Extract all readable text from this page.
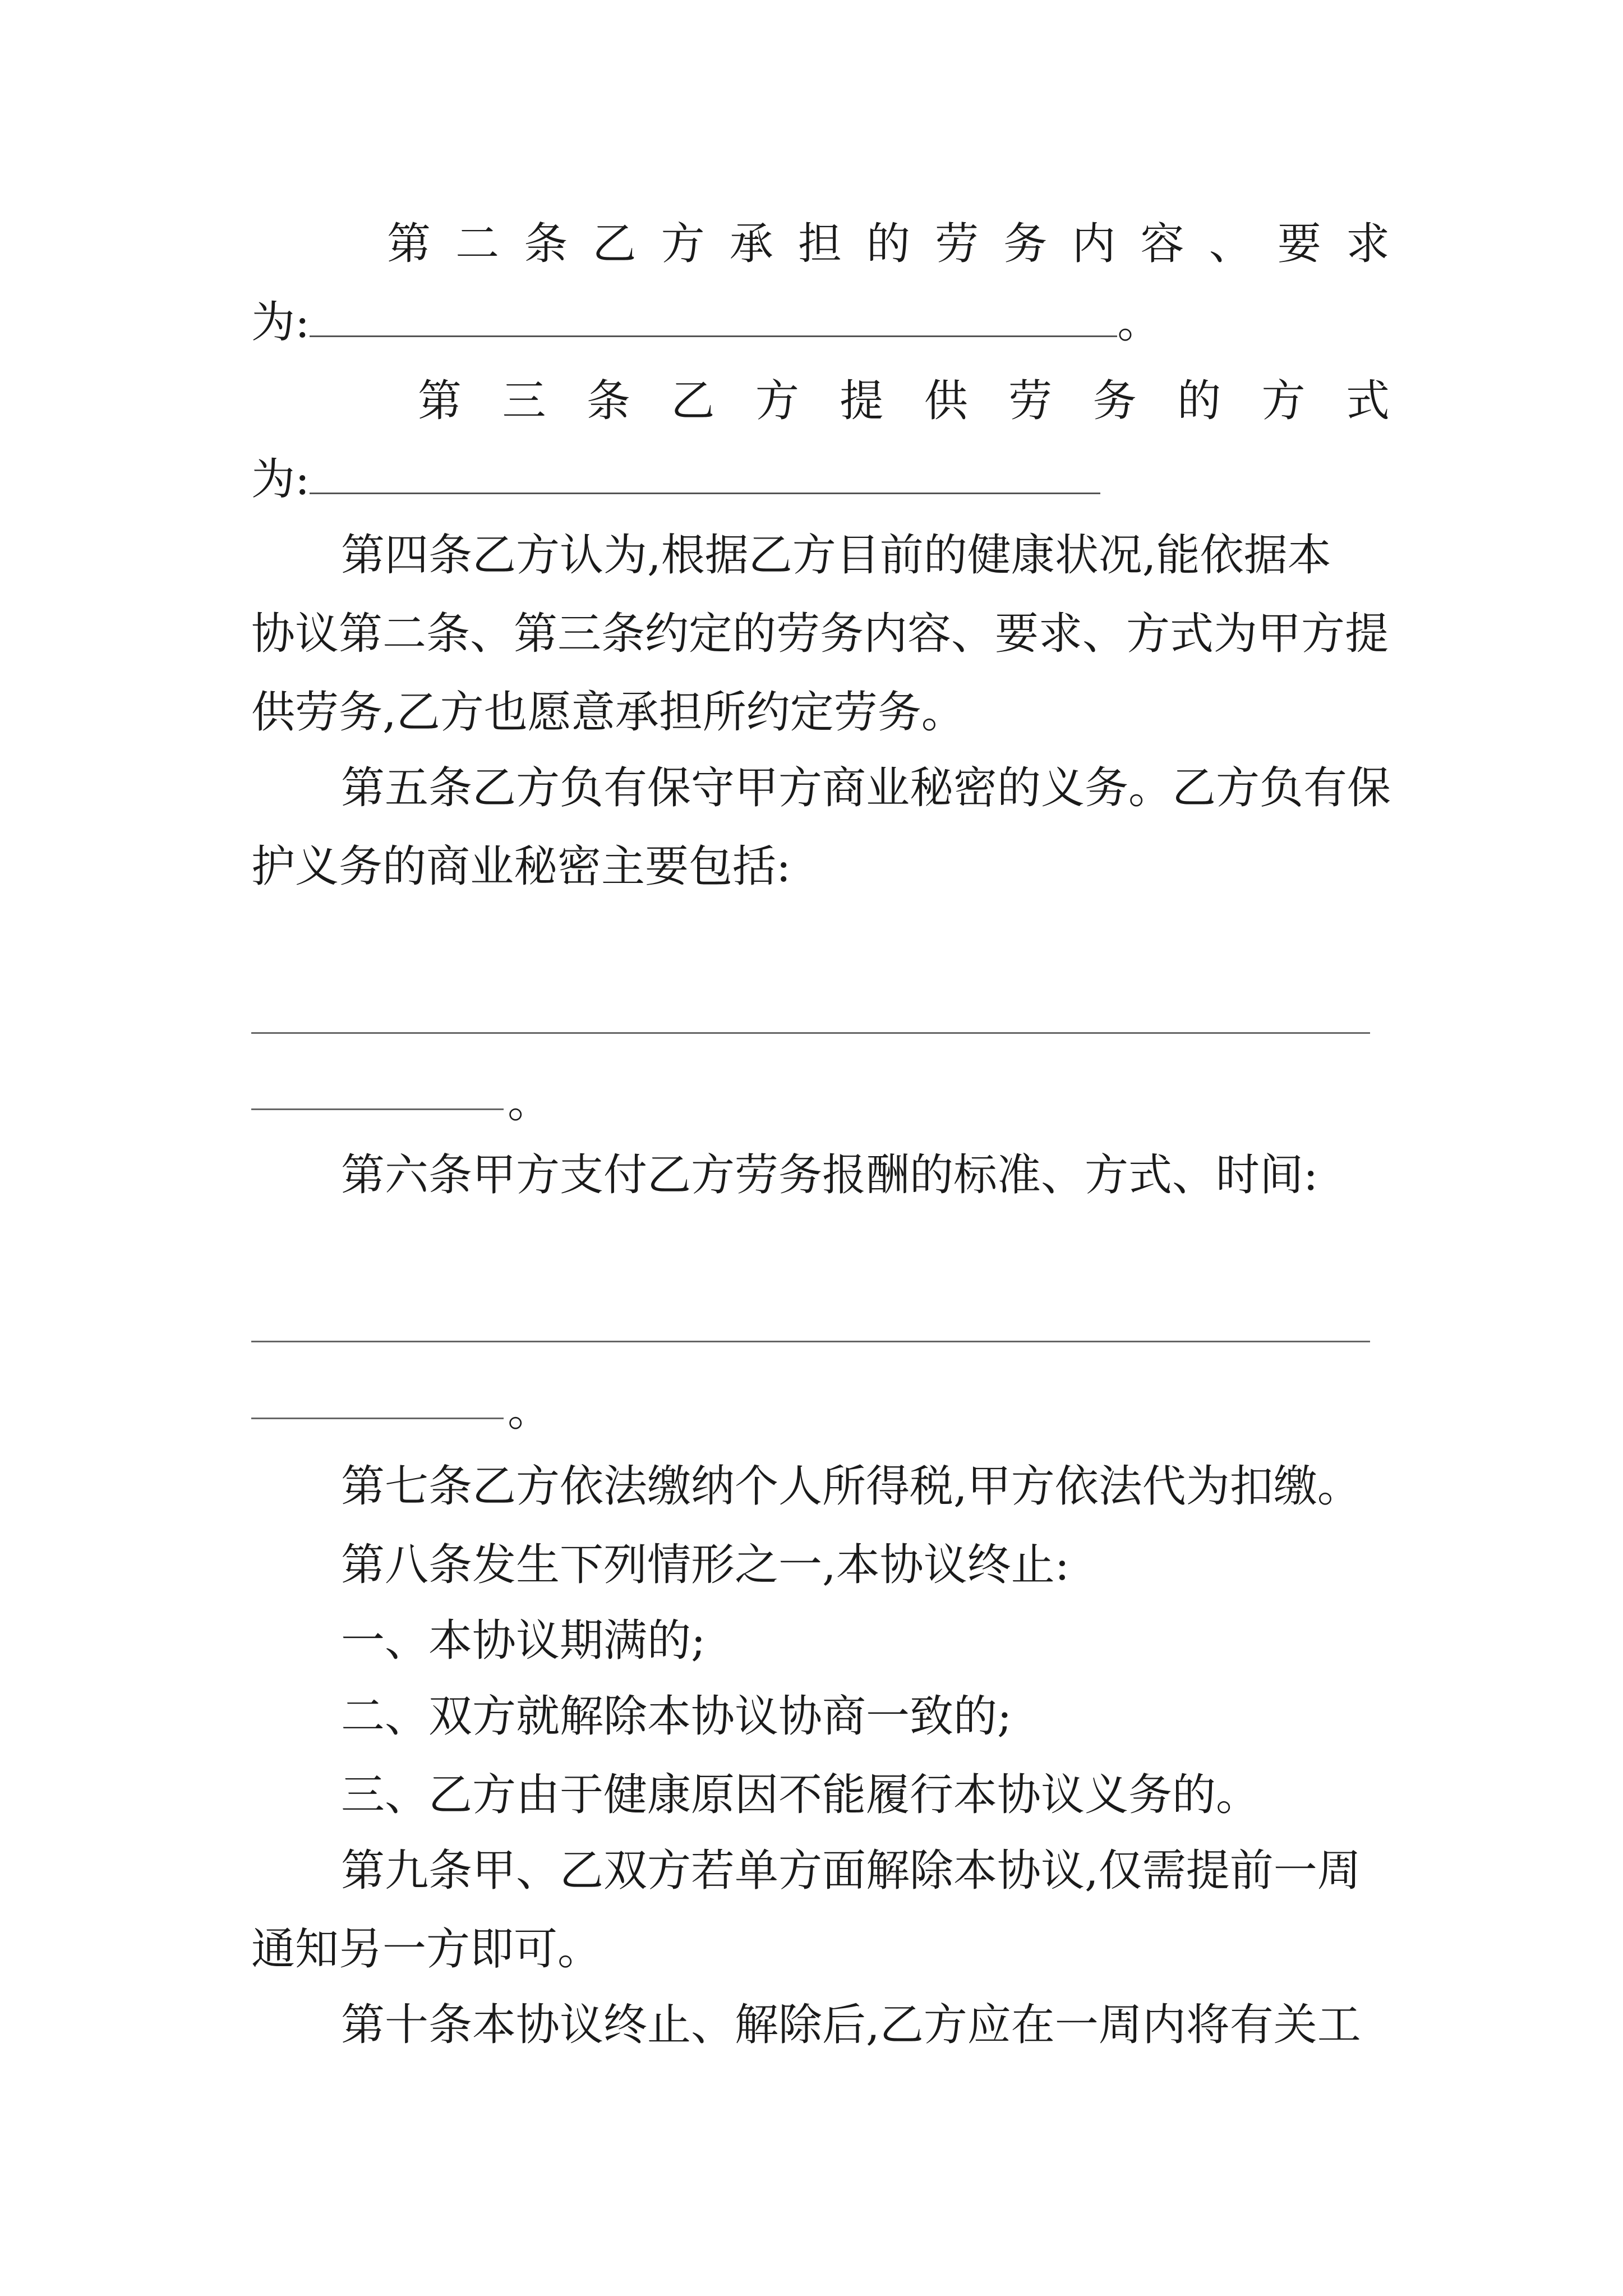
第 二 条 乙 方 承 担 的 劳 务 内 容 、 要 求
为:	。
第 三 条 乙 方 提 供 劳 务 的 方 式
为:
第四条乙方认为,根据乙方目前的健康状况,能依据本
协议第二条、第三条约定的劳务内容、要求、方式为甲方提
供劳务,乙方也愿意承担所约定劳务。
第五条乙方负有保守甲方商业秘密的义务。乙方负有保
护义务的商业秘密主要包括:
。
第六条甲方支付乙方劳务报酬的标准、方式、时间:
。
第七条乙方依法缴纳个人所得税,甲方依法代为扣缴。
第八条发生下列情形之一,本协议终止:
一、本协议期满的;
二、双方就解除本协议协商一致的;
三、乙方由于健康原因不能履行本协议义务的。
第九条甲、乙双方若单方面解除本协议,仅需提前一周
通知另一方即可。
第十条本协议终止、解除后,乙方应在一周内将有关工
